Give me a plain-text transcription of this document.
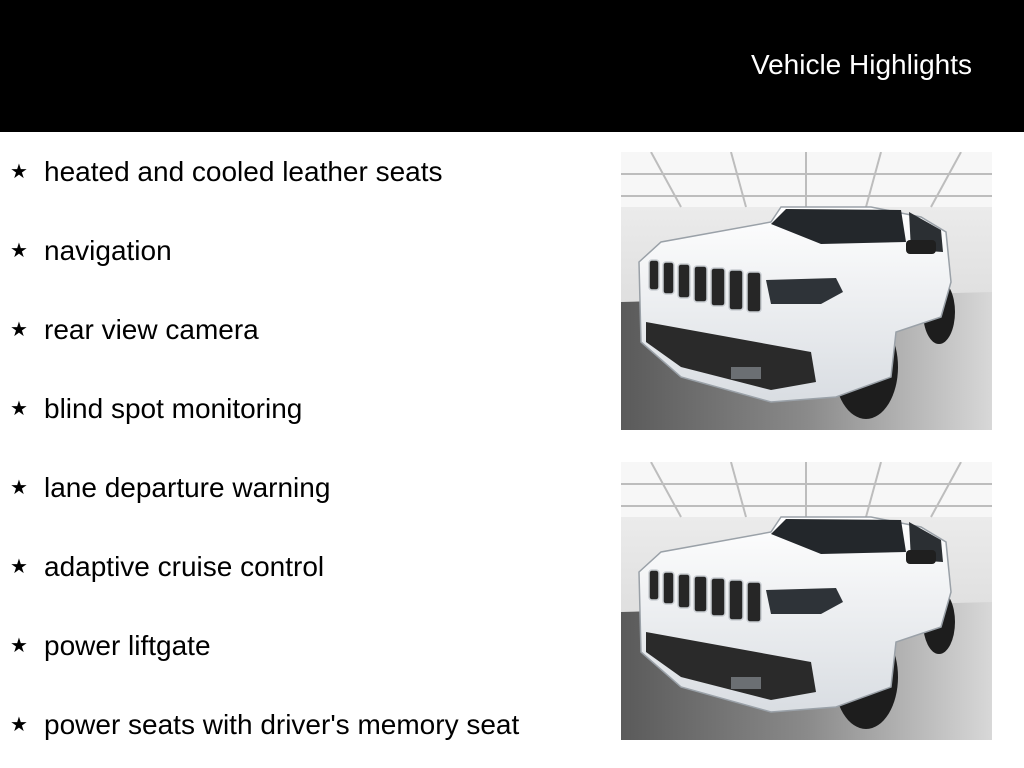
Vehicle Highlights
★ heated and cooled leather seats
★ navigation
★ rear view camera
★ blind spot monitoring
★ lane departure warning
★ adaptive cruise control
★ power liftgate
★ power seats with driver's memory seat
